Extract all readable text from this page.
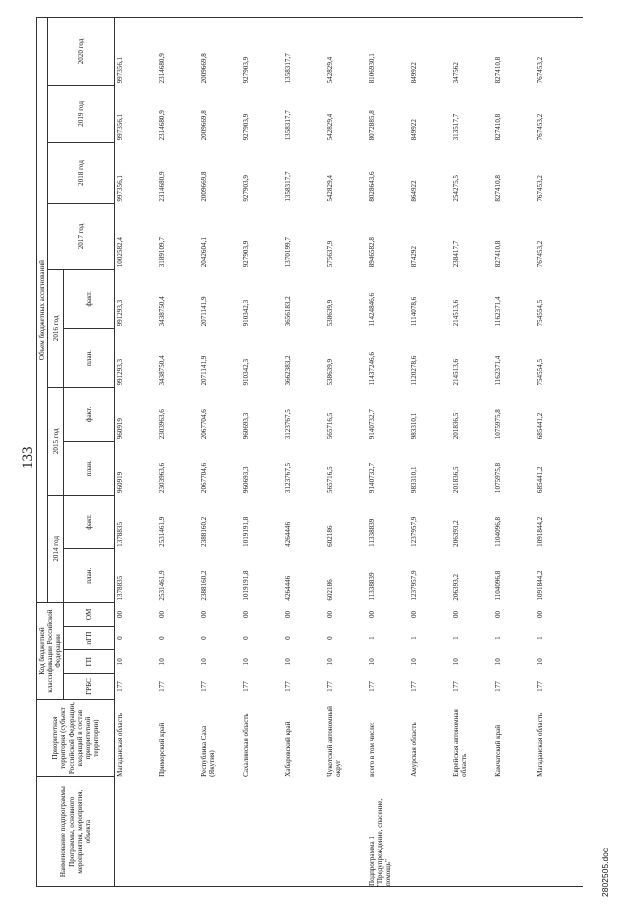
133
Наименование подпрограммы Программы, основного мероприятия, мероприятия, объекта	Приоритетная территория (субъект Российской Федерации, входящий в состав приоритетной территории)	Код бюджетной классификации Российской Федерации				Объем бюджетных ассигнований									
						2014 год		2015 год		2016 год		2017 год	2018 год	2019 год	2020 год
		ГРБС	ГП	пГП	ОМ	план.	факт.	план.	факт.	план.	факт.				

	Магаданская область	177	10	0	00	1378835	1378835	960919	960919	991293,3	991293,3	1002582,4	997356,1	997356,1	997356,1
	Приморский край	177	10	0	00	2531461,9	2531461,9	2303963,6	2303963,6	3438750,4	3438750,4	3189109,7	2314680,9	2314680,9	2314680,9
	Республика Саха (Якутия)	177	10	0	00	2388160,2	2388160,2	2067704,6	2067704,6	2071141,9	2071141,9	2042604,1	2009669,8	2009669,8	2009669,8
	Сахалинская область	177	10	0	00	1019191,8	1019191,8	960693,3	960693,3	910342,3	910342,3	927903,9	927903,9	927903,9	927903,9
	Хабаровский край	177	10	0	00	4264446	4264446	3123767,5	3123767,5	3662383,2	3656183,2	1370199,7	1358317,7	1358317,7	1358317,7
	Чукотский автономный округ	177	10	0	00	602186	602186	565716,5	565716,5	538639,9	538639,9	575637,9	542829,4	542829,4	542829,4
Подпрограмма 1 "Предупреждение, спасение, помощь"	всего в том числе:	177	10	1	00	11338839	11338839	9140732,7	9140732,7	11437246,6	11424846,6	8946582,8	8028643,6	8072885,8	8106930,1
	Амурская область	177	10	1	00	1237957,9	1237957,9	983310,1	983310,1	1120278,6	1114078,6	874292	864922	849922	849922
	Еврейская автономная область	177	10	1	00	206393,2	206393,2	201836,5	201836,5	214513,6	214513,6	238417,7	254275,5	313517,7	347562
	Камчатский край	177	10	1	00	1104096,8	1104096,8	1075975,8	1075975,8	1162371,4	1162371,4	827410,8	827410,8	827410,8	827410,8
	Магаданская область	177	10	1	00	1091844,2	1091844,2	685441,2	685441,2	754554,5	754554,5	767453,2	767453,2	767453,2	767453,2
2802505.doc
